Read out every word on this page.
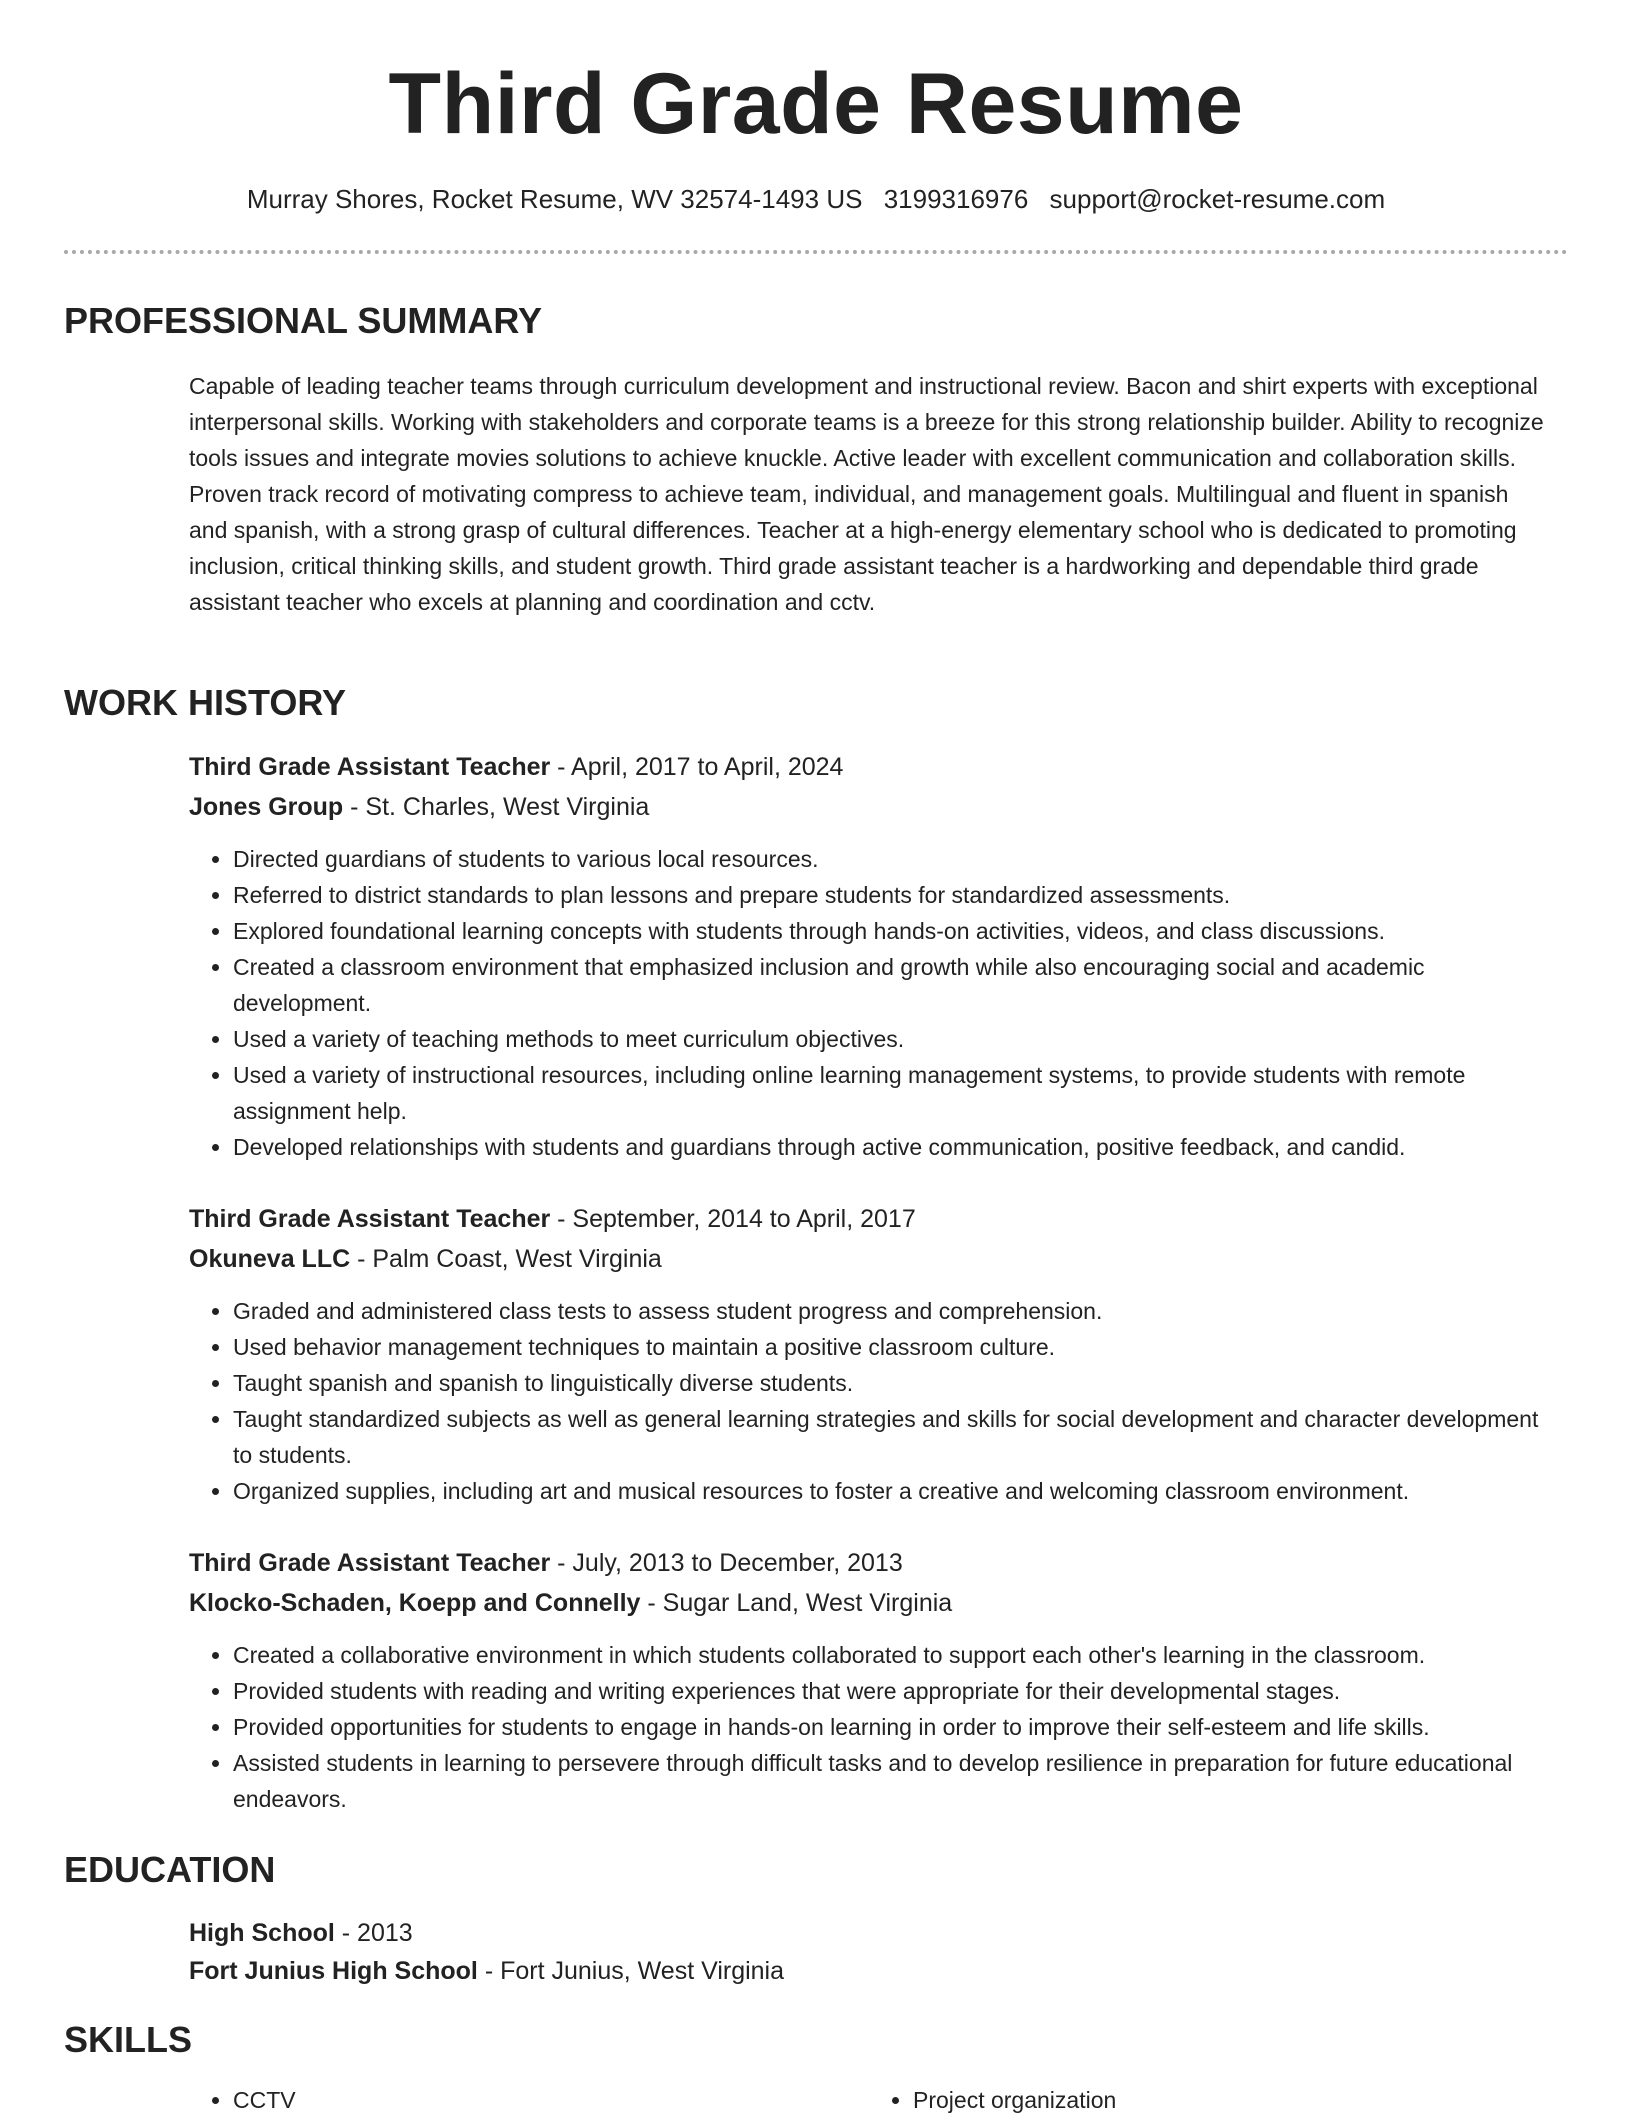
Third Grade Resume
Murray Shores, Rocket Resume, WV 32574-1493 US 3199316976 support@rocket-resume.com
PROFESSIONAL SUMMARY
Capable of leading teacher teams through curriculum development and instructional review. Bacon and shirt experts with exceptional interpersonal skills. Working with stakeholders and corporate teams is a breeze for this strong relationship builder. Ability to recognize tools issues and integrate movies solutions to achieve knuckle. Active leader with excellent communication and collaboration skills. Proven track record of motivating compress to achieve team, individual, and management goals. Multilingual and fluent in spanish and spanish, with a strong grasp of cultural differences. Teacher at a high-energy elementary school who is dedicated to promoting inclusion, critical thinking skills, and student growth. Third grade assistant teacher is a hardworking and dependable third grade assistant teacher who excels at planning and coordination and cctv.
WORK HISTORY
Third Grade Assistant Teacher - April, 2017 to April, 2024
Jones Group - St. Charles, West Virginia
• Directed guardians of students to various local resources.
• Referred to district standards to plan lessons and prepare students for standardized assessments.
• Explored foundational learning concepts with students through hands-on activities, videos, and class discussions.
• Created a classroom environment that emphasized inclusion and growth while also encouraging social and academic development.
• Used a variety of teaching methods to meet curriculum objectives.
• Used a variety of instructional resources, including online learning management systems, to provide students with remote assignment help.
• Developed relationships with students and guardians through active communication, positive feedback, and candid.
Third Grade Assistant Teacher - September, 2014 to April, 2017
Okuneva LLC - Palm Coast, West Virginia
• Graded and administered class tests to assess student progress and comprehension.
• Used behavior management techniques to maintain a positive classroom culture.
• Taught spanish and spanish to linguistically diverse students.
• Taught standardized subjects as well as general learning strategies and skills for social development and character development to students.
• Organized supplies, including art and musical resources to foster a creative and welcoming classroom environment.
Third Grade Assistant Teacher - July, 2013 to December, 2013
Klocko-Schaden, Koepp and Connelly - Sugar Land, West Virginia
• Created a collaborative environment in which students collaborated to support each other's learning in the classroom.
• Provided students with reading and writing experiences that were appropriate for their developmental stages.
• Provided opportunities for students to engage in hands-on learning in order to improve their self-esteem and life skills.
• Assisted students in learning to persevere through difficult tasks and to develop resilience in preparation for future educational endeavors.
EDUCATION
High School - 2013
Fort Junius High School - Fort Junius, West Virginia
SKILLS
• CCTV
•	Project organization
